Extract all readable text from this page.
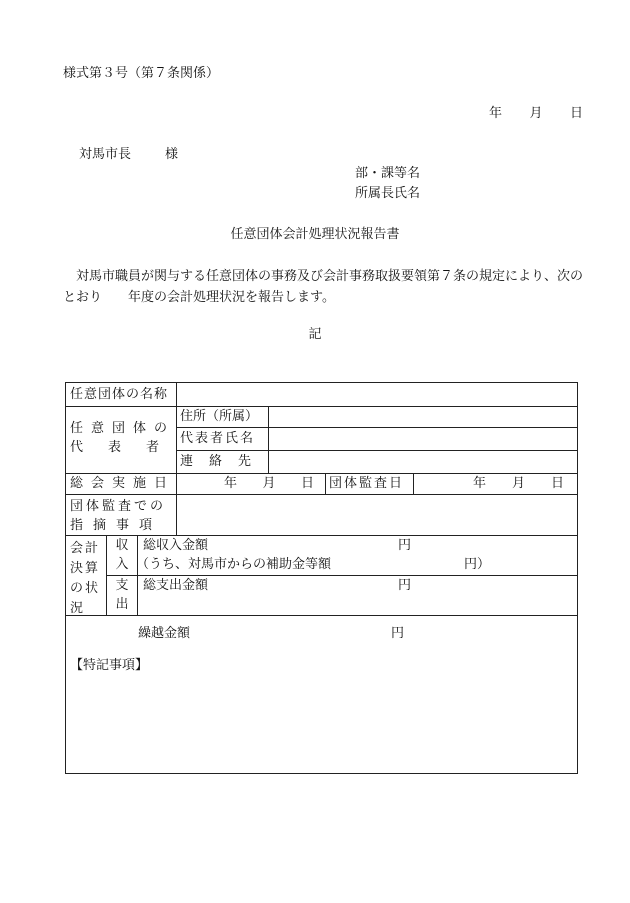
様式第３号（第７条関係）
年 月 日
対馬市長	様
部・課等名
所属長氏名
任意団体会計処理状況報告書
対馬市職員が関与する任意団体の事務及び会計事務取扱要領第７条の規定により、次のとおり　　年度の会計処理状況を報告します。
記
任意団体の名称
任意団体の
代　表　者
住所（所属）
代表者氏名
連絡先
総会実施日	年 月 日 団体監査日	年 月 日
団体監査での
指摘事項
会計
決算
の状
況
収
入
総収入金額	円
（うち、対馬市からの補助金等額	円）
支
出
総支出金額	円
繰越金額	円
【特記事項】
